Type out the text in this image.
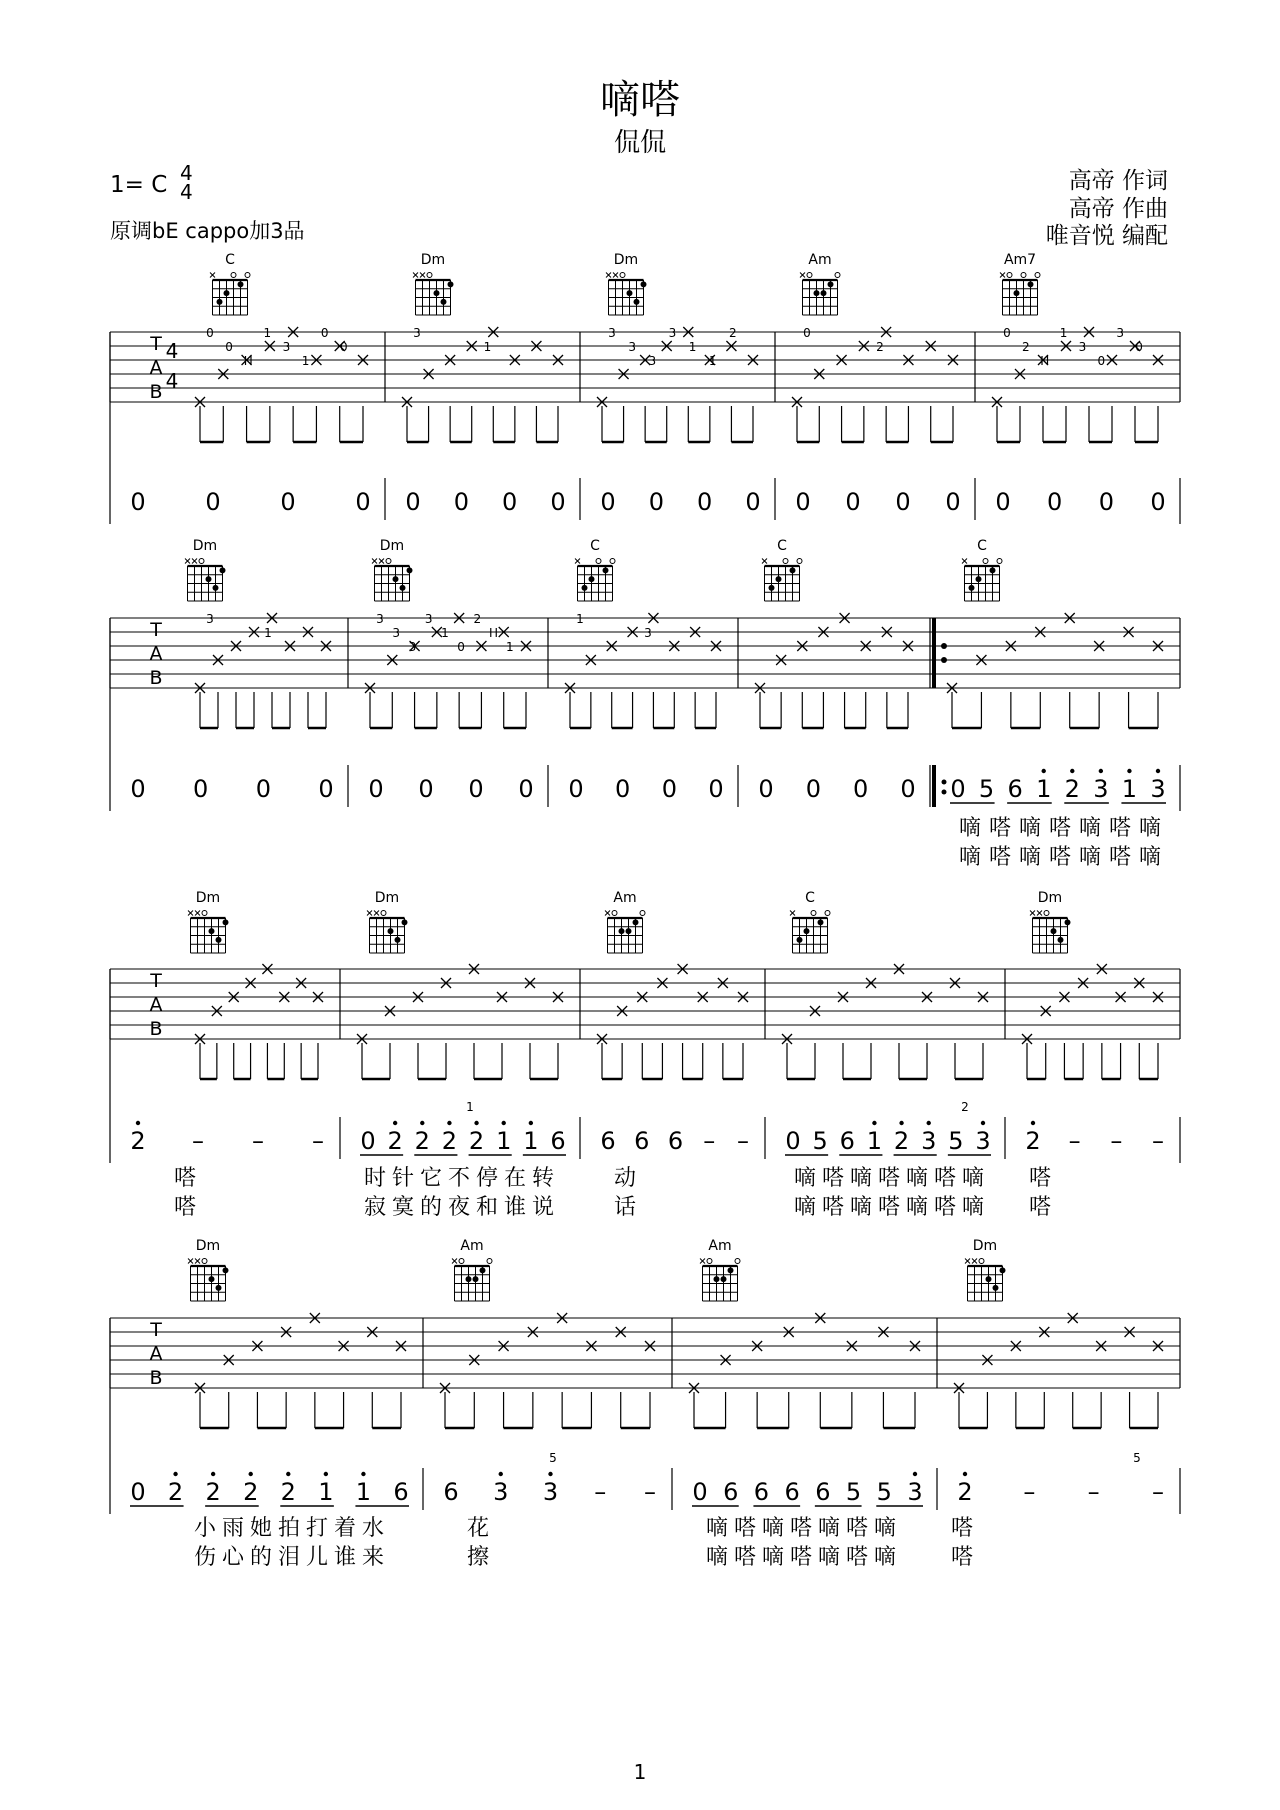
嘀嗒
侃侃
1= C 4
4
原调bE cappo加3品
高帝 作词
高帝 作曲
唯音悦 编配
T
A
B
4
4
C
0
0
H
1
3
1
0
0
0 0 0 0
Dm
3
1
0 0 0 0
Dm
3
3
3
3
1
1
2
0 0 0 0
Am
0
2
0 0 0 0
Am7
0
2
H
1
3
0
3
0
0 0 0 0
T
A
B
Dm
3
1
0 0 0 0
Dm
3
3
3
3
1
0
2
H
1
0 0 0 0
C
1
3
0 0 0 0
C
0 0 0 0
C
0 5 6 1 2 3 1 3
嘀 嗒 嘀 嗒 嘀 嗒 嘀
嘀 嗒 嘀 嗒 嘀 嗒 嘀
T
A
B
Dm
2 – – –
Dm
0 2 2 2 2 1 1 6
Am
6 6 6 – –
C
0 5 6 1 2 3 5 3
Dm
2 – – –
1	2
嗒	时 针 它 不 停 在 转	动	嘀 嗒 嘀 嗒 嘀 嗒 嘀 嗒
嗒	寂 寞 的 夜 和 谁 说	话	嘀 嗒 嘀 嗒 嘀 嗒 嘀 嗒
T
A
B
Dm
0 2 2 2 2 1 1 6
Am
6 3 3 – –
Am
0 6 6 6 6 5 5 3
Dm
2 – – –
5	5
小 雨 她 拍 打 着 水	花	嘀 嗒 嘀 嗒 嘀 嗒 嘀 嗒
伤 心 的 泪 儿 谁 来	擦	嘀 嗒 嘀 嗒 嘀 嗒 嘀 嗒
1
